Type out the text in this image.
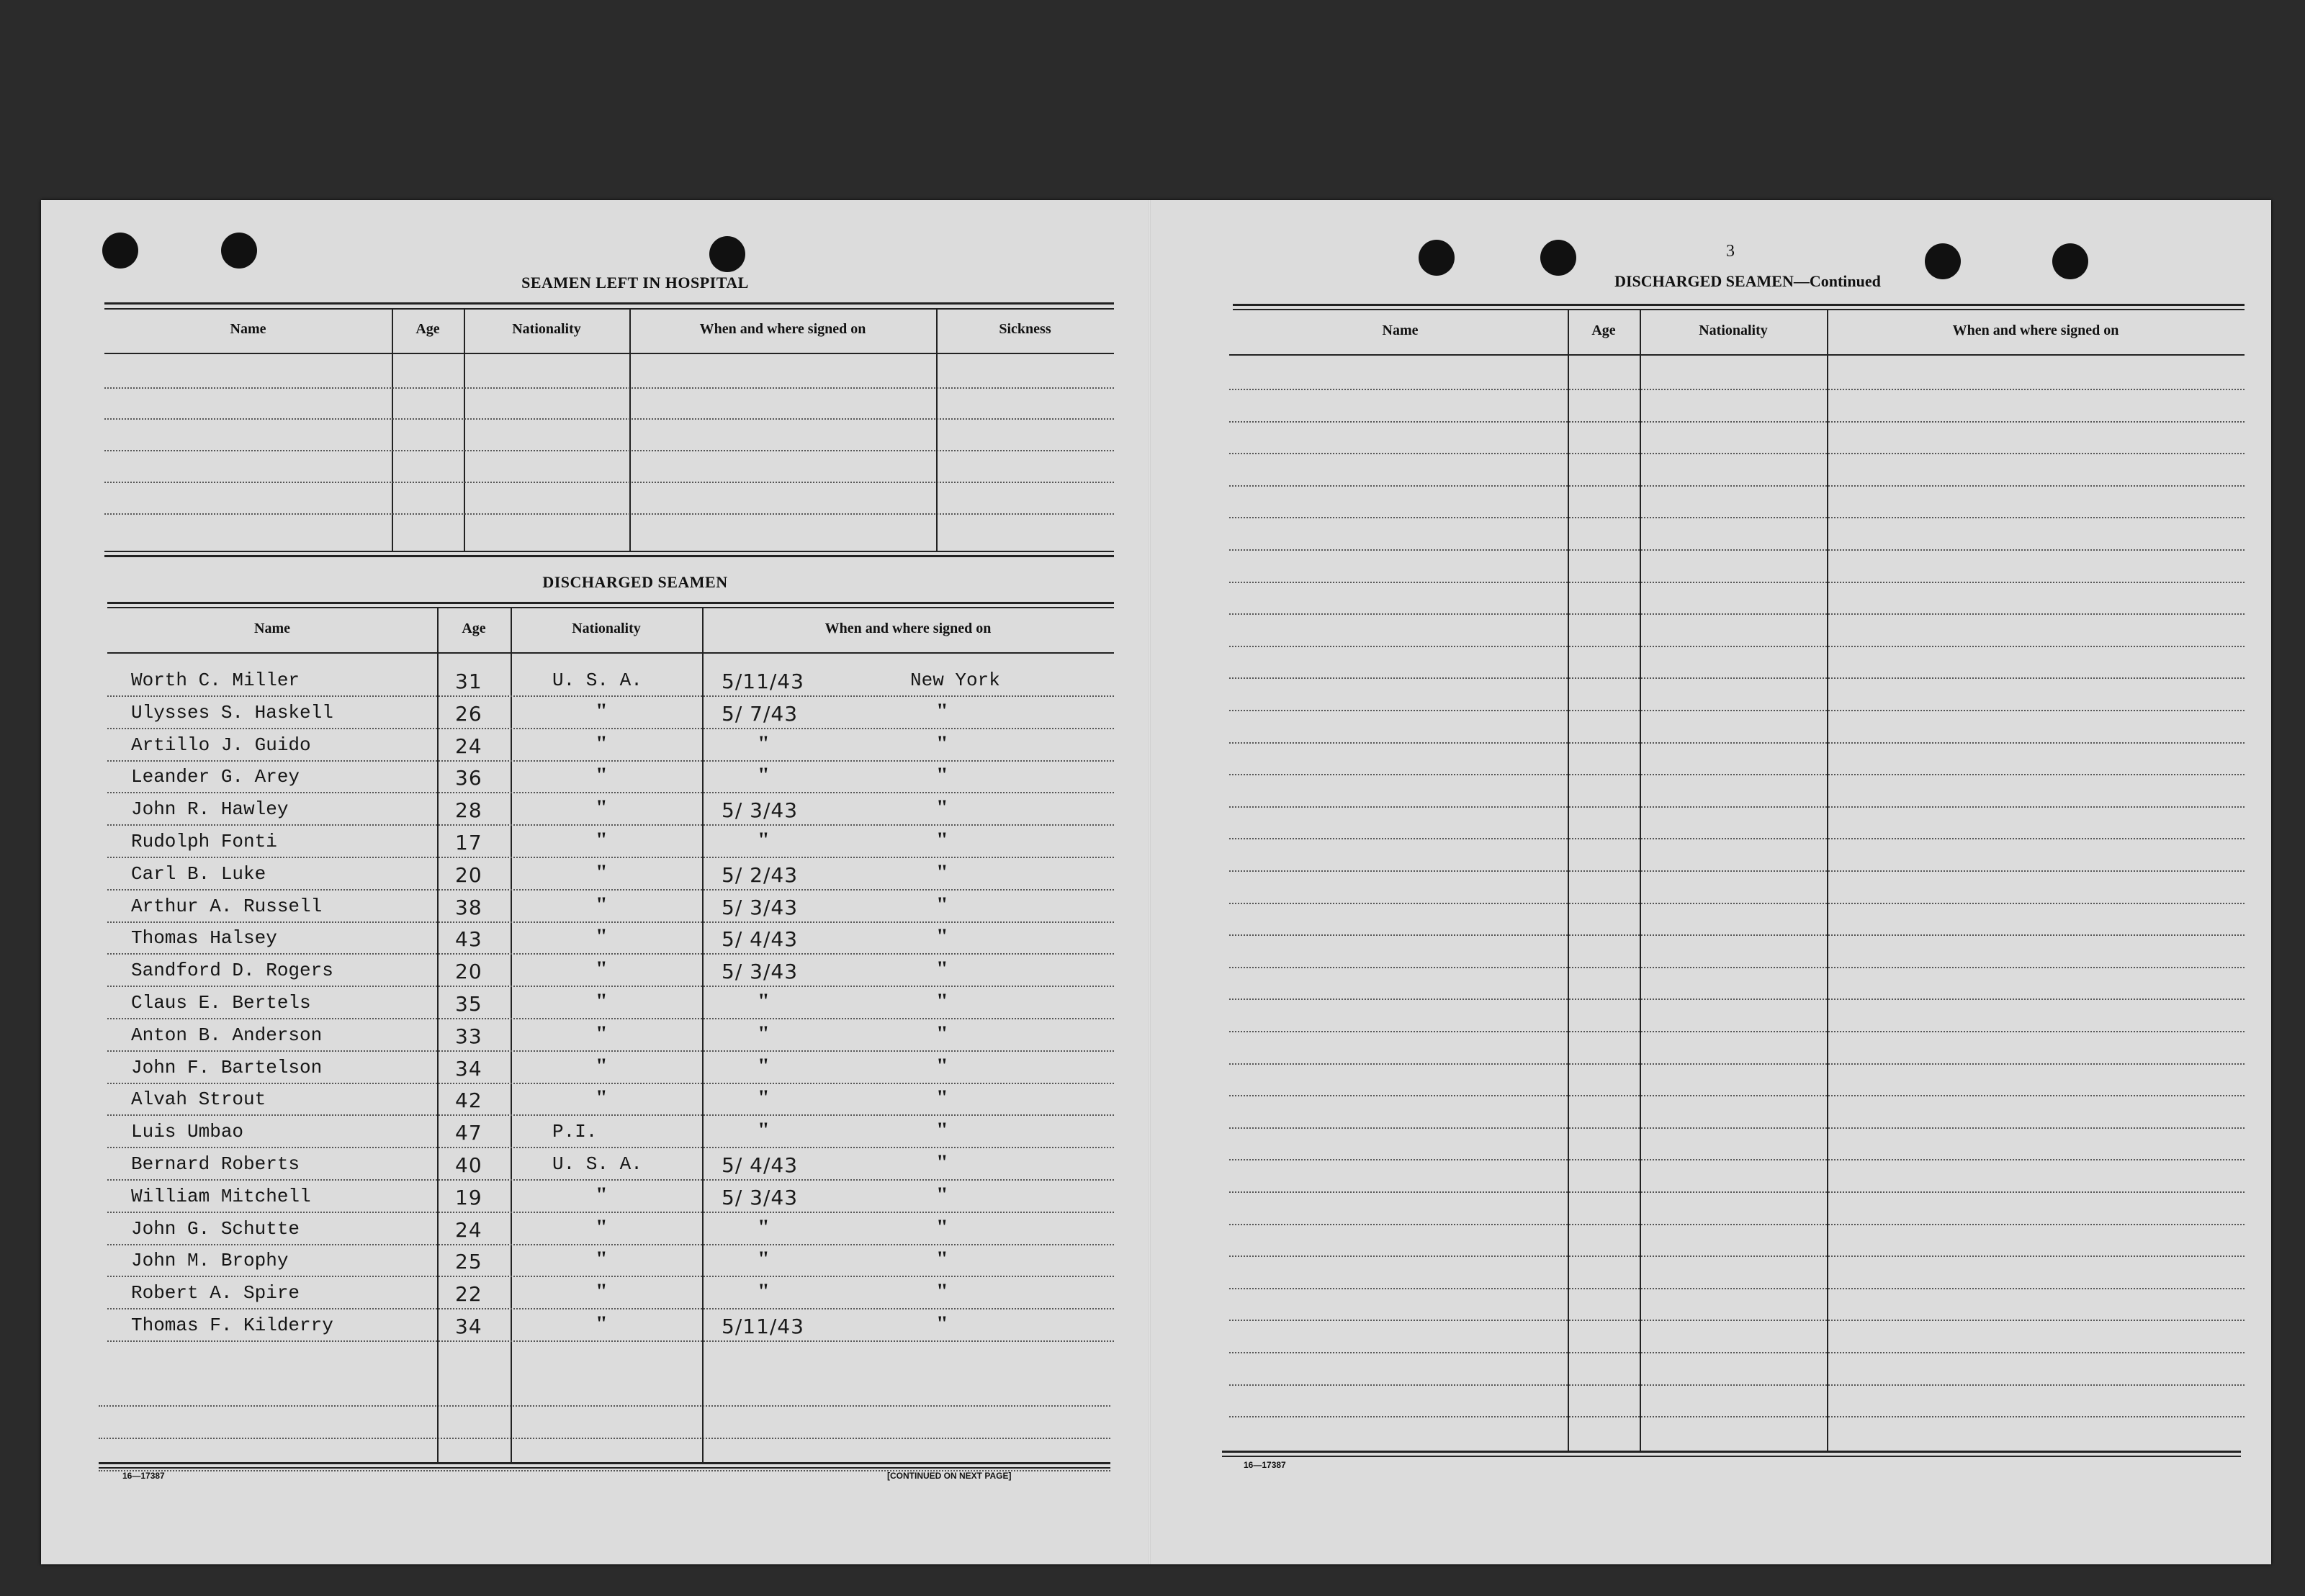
SEAMEN LEFT IN HOSPITAL
Name	Age	Nationality	When and where signed on	Sickness
DISCHARGED SEAMEN
Name	Age	Nationality	When and where signed on
Worth C. Miller	31	U. S. A.	5/11/43	New York
Ulysses S. Haskell	26	"	5/ 7/43	"
Artillo J. Guido	24	"	"	"
Leander G. Arey	36	"	"	"
John R. Hawley	28	"	5/ 3/43	"
Rudolph Fonti	17	"	"	"
Carl B. Luke	20	"	5/ 2/43	"
Arthur A. Russell	38	"	5/ 3/43	"
Thomas Halsey	43	"	5/ 4/43	"
Sandford D. Rogers	20	"	5/ 3/43	"
Claus E. Bertels	35	"	"	"
Anton B. Anderson	33	"	"	"
John F. Bartelson	34	"	"	"
Alvah Strout	42	"	"	"
Luis Umbao	47	P.I.	"	"
Bernard Roberts	40	U. S. A.	5/ 4/43	"
William Mitchell	19	"	5/ 3/43	"
John G. Schutte	24	"	"	"
John M. Brophy	25	"	"	"
Robert A. Spire	22	"	"	"
Thomas F. Kilderry	34	"	5/11/43	"
16—17387	[CONTINUED ON NEXT PAGE]
3
DISCHARGED SEAMEN—Continued
Name	Age	Nationality	When and where signed on
16—17387
